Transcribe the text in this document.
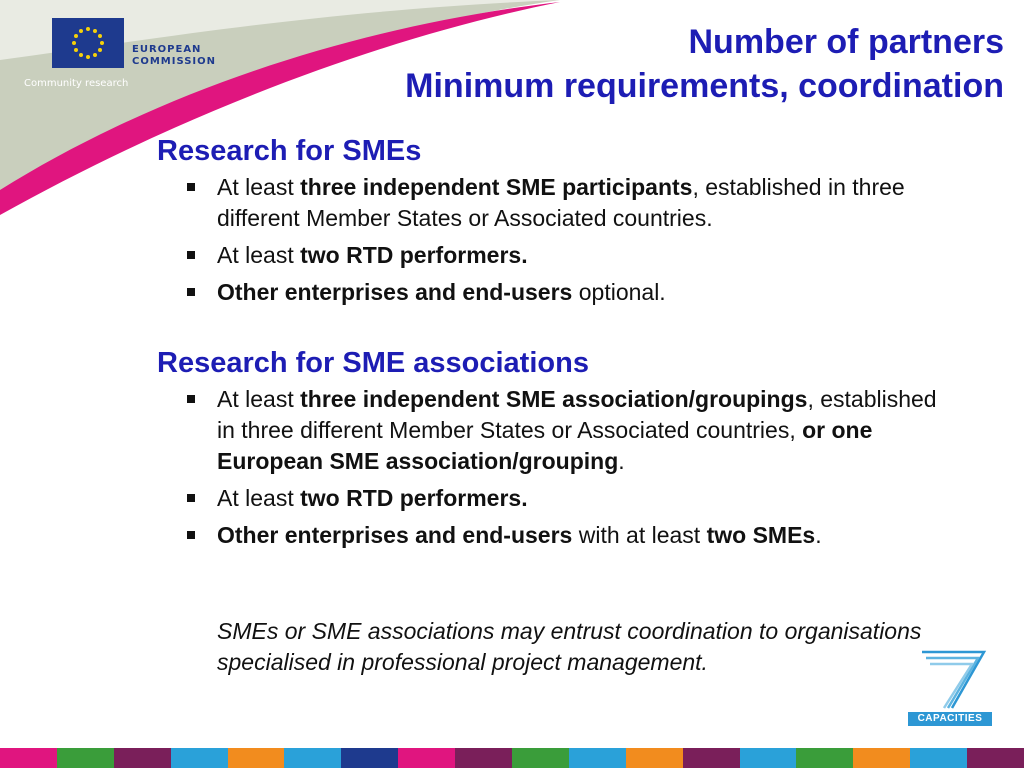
EUROPEAN
COMMISSION
Community research
Number of partners
Minimum requirements, coordination
Research for SMEs
At least three independent SME participants, established in three different Member States or Associated countries.
At least two RTD performers.
Other enterprises and end-users optional.
Research for SME associations
At least three independent SME association/groupings, established in three different Member States or Associated countries, or one European SME association/grouping.
At least two RTD performers.
Other enterprises and end-users with at least two SMEs.
SMEs or SME associations may entrust coordination to organisations specialised in professional project management.
CAPACITIES
